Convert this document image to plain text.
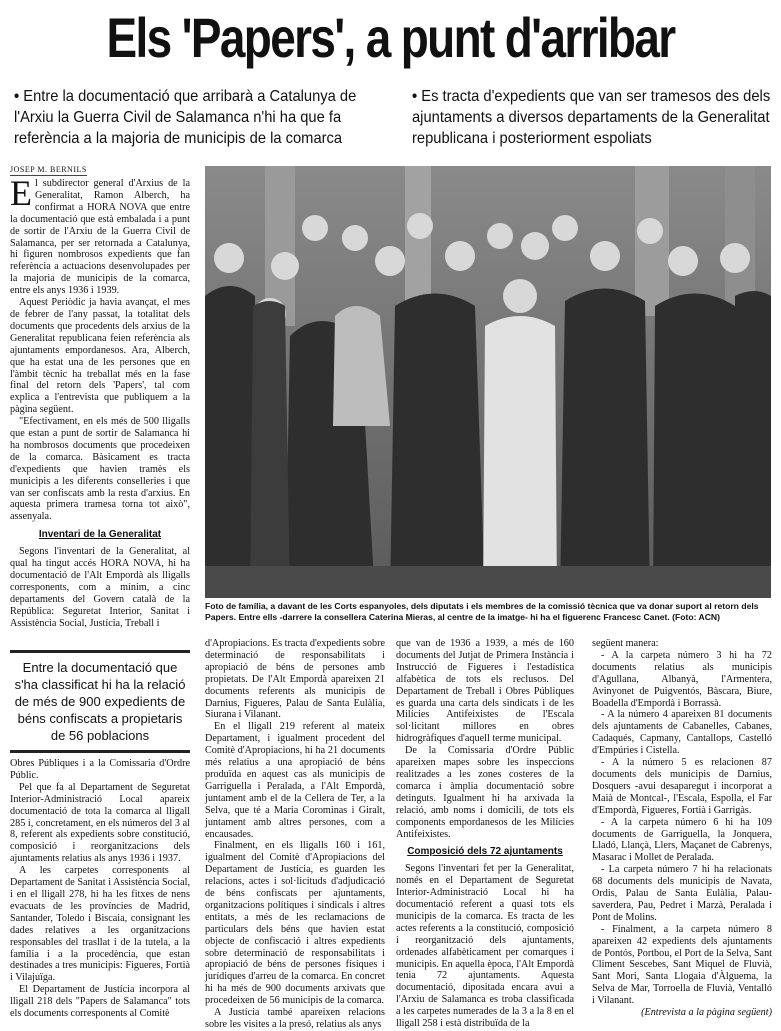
Els 'Papers', a punt d'arribar
• Entre la documentació que arribarà a Catalunya de l'Arxiu la Guerra Civil de Salamanca n'hi ha que fa referència a la majoria de municipis de la comarca
• Es tracta d'expedients que van ser tramesos des dels ajuntaments a diversos departaments de la Generalitat republicana i posteriorment espoliats
JOSEP M. BERNILS

El subdirector general d'Arxius de la Generalitat, Ramon Alberch, ha confirmat a HORA NOVA que entre la documentació que està embalada i a punt de sortir de l'Arxiu de la Guerra Civil de Salamanca, per ser retornada a Catalunya, hi figuren nombrosos expedients que fan referència a actuacions desenvolupades per la majoria de municipis de la comarca, entre els anys 1936 i 1939.

Aquest Periòdic ja havia avançat, el mes de febrer de l'any passat, la totalitat dels documents que procedents dels arxius de la Generalitat republicana feien referència als ajuntaments empordanesos. Ara, Alberch, que ha estat una de les persones que en l'àmbit tècnic ha treballat més en la fase final del retorn dels 'Papers', tal com explica a l'entrevista que publiquem a la pàgina següent.

"Efectivament, en els més de 500 lligalls que estan a punt de sortir de Salamanca hi ha nombrosos documents que procedeixen de la comarca. Bàsicament es tracta d'expedients que havien tramès els municipis a les diferents conselleries i que van ser confiscats amb la resta d'arxius. En aquesta primera tramesa torna tot això", assenyala.

Inventari de la Generalitat

Segons l'inventari de la Generalitat, al qual ha tingut accés HORA NOVA, hi ha documentació de l'Alt Empordà als lligalls corresponents, com a mínim, a cinc departaments del Govern català de la República: Seguretat Interior, Sanitat i Assistència Social, Justícia, Treball i

Entre la documentació que s'ha classificat hi ha la relació de més de 900 expedients de béns confiscats a propietaris de 56 poblacions

Obres Públiques i a la Comissaria d'Ordre Públic.

Pel que fa al Departament de Seguretat Interior-Administració Local apareix documentació de tota la comarca al lligall 285 i, concretament, en els números del 3 al 8, referent als expedients sobre constitució, composició i reorganitzacions dels ajuntaments relatius als anys 1936 i 1937.

A les carpetes corresponents al Departament de Sanitat i Assistència Social, i en el lligall 278, hi ha les fitxes de nens evacuats de les províncies de Madrid, Santander, Toledo i Biscaia, consignant les dades relatives a les organitzacions responsables del trasllat i de la tutela, a la família i a la procedència, que estan destinades a tres municipis: Figueres, Fortià i Vilajuïga.

El Departament de Justícia incorpora al lligall 218 dels "Papers de Salamanca" tots els documents corresponents al Comitè

Foto de família, a davant de les Corts espanyoles, dels diputats i els membres de la comissió tècnica que va donar suport al retorn dels Papers. Entre ells -darrere la consellera Caterina Mieras, al centre de la imatge- hi ha el figuerenc Francesc Canet. (Foto: ACN)

d'Apropiacions. Es tracta d'expedients sobre determinació de responsabilitats i apropiació de béns de persones amb propietats. De l'Alt Empordà apareixen 21 documents referents als municipis de Darnius, Figueres, Palau de Santa Eulàlia, Siurana i Vilanant.

En el lligall 219 referent al mateix Departament, i igualment procedent del Comitè d'Apropiacions, hi ha 21 documents més relatius a una apropiació de béns produïda en aquest cas als municipis de Garriguella i Peralada, a l'Alt Empordà, juntament amb el de la Cellera de Ter, a la Selva, que té a Maria Corominas i Giralt, juntament amb altres persones, com a encausades.

Finalment, en els lligalls 160 i 161, igualment del Comitè d'Apropiacions del Departament de Justícia, es guarden les relacions, actes i sol·licituds d'adjudicació de béns confiscats per ajuntaments, organitzacions polítiques i sindicals i altres entitats, a més de les reclamacions de particulars dels béns que havien estat objecte de confiscació i altres expedients sobre determinació de responsabilitats i apropiació de béns de persones físiques i jurídiques d'arreu de la comarca. En concret hi ha més de 900 documents arxivats que procedeixen de 56 municipis de la comarca.

A Justícia també apareixen relacions sobre les visites a la presó, relatius als anys

que van de 1936 a 1939, a més de 160 documents del Jutjat de Primera Instància i Instrucció de Figueres i l'estadística alfabètica de tots els reclusos. Del Departament de Treball i Obres Públiques es guarda una carta dels sindicats i de les Milícies Antifeixistes de l'Escala sol·licitant millores en obres hidrogràfiques d'aquell terme municipal.

De la Comissaria d'Ordre Públic apareixen mapes sobre les inspeccions realitzades a les zones costeres de la comarca i àmplia documentació sobre detinguts. Igualment hi ha arxivada la relació, amb noms i domicili, de tots els components empordanesos de les Milícies Antifeixistes.

Composició dels 72 ajuntaments

Segons l'inventari fet per la Generalitat, només en el Departament de Seguretat Interior-Administració Local hi ha documentació referent a quasi tots els municipis de la comarca. Es tracta de les actes referents a la constitució, composició i reorganització dels ajuntaments, ordenades alfabèticament per comarques i municipis. En aquella època, l'Alt Empordà tenia 72 ajuntaments. Aquesta documentació, dipositada encara avui a l'Arxiu de Salamanca es troba classificada a les carpetes numerades de la 3 a la 8 en el lligall 258 i està distribuïda de la

següent manera:

- A la carpeta número 3 hi ha 72 documents relatius als municipis d'Agullana, Albanyà, l'Armentera, Avinyonet de Puigventós, Bàscara, Biure, Boadella d'Empordà i Borrassà.

- A la número 4 apareixen 81 documents dels ajuntaments de Cabanelles, Cabanes, Cadaqués, Capmany, Cantallops, Castelló d'Empúries i Cistella.

- A la número 5 es relacionen 87 documents dels municipis de Darnius, Dosquers -avui desaparegut i incorporat a Maià de Montcal-, l'Escala, Espolla, el Far d'Empordà, Figueres, Fortià i Garrigàs.

- A la carpeta número 6 hi ha 109 documents de Garriguella, la Jonquera, Lladó, Llançà, Llers, Maçanet de Cabrenys, Masarac i Mollet de Peralada.

- La carpeta número 7 hi ha relacionats 68 documents dels municipis de Navata, Ordis, Palau de Santa Eulàlia, Palau-saverdera, Pau, Pedret i Marzà, Peralada i Pont de Molins.

- Finalment, a la carpeta número 8 apareixen 42 expedients dels ajuntaments de Pontós, Portbou, el Port de la Selva, Sant Climent Sescebes, Sant Miquel de Fluvià, Sant Mori, Santa Llogaia d'Àlguema, la Selva de Mar, Torroella de Fluvià, Ventalló i Vilanant.

(Entrevista a la pàgina següent)
